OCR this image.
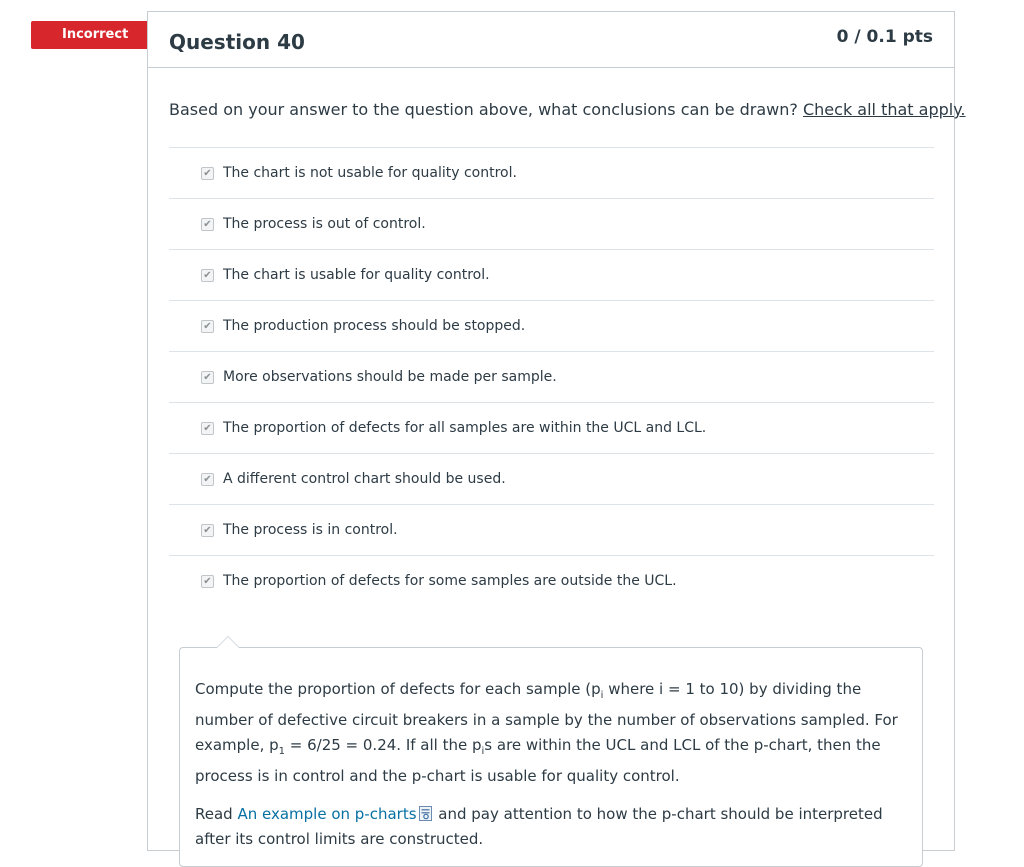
Incorrect	Question 40	0 / 0.1 pts
Based on your answer to the question above, what conclusions can be drawn? Check all that apply.
✔ The chart is not usable for quality control.
✔ The process is out of control.
✔ The chart is usable for quality control.
✔ The production process should be stopped.
✔ More observations should be made per sample.
✔ The proportion of defects for all samples are within the UCL and LCL.
✔ A different control chart should be used.
✔ The process is in control.
✔ The proportion of defects for some samples are outside the UCL.

Compute the proportion of defects for each sample ($p_i$ where i = 1 to 10) by dividing the number of defective circuit breakers in a sample by the number of observations sampled. For example, $p_1 = 6/25 = 0.24$. If all the $p_is$ are within the UCL and LCL of the p-chart, then the process is in control and the p-chart is usable for quality control.

Read An example on p-charts and pay attention to how the p-chart should be interpreted after its control limits are constructed.
